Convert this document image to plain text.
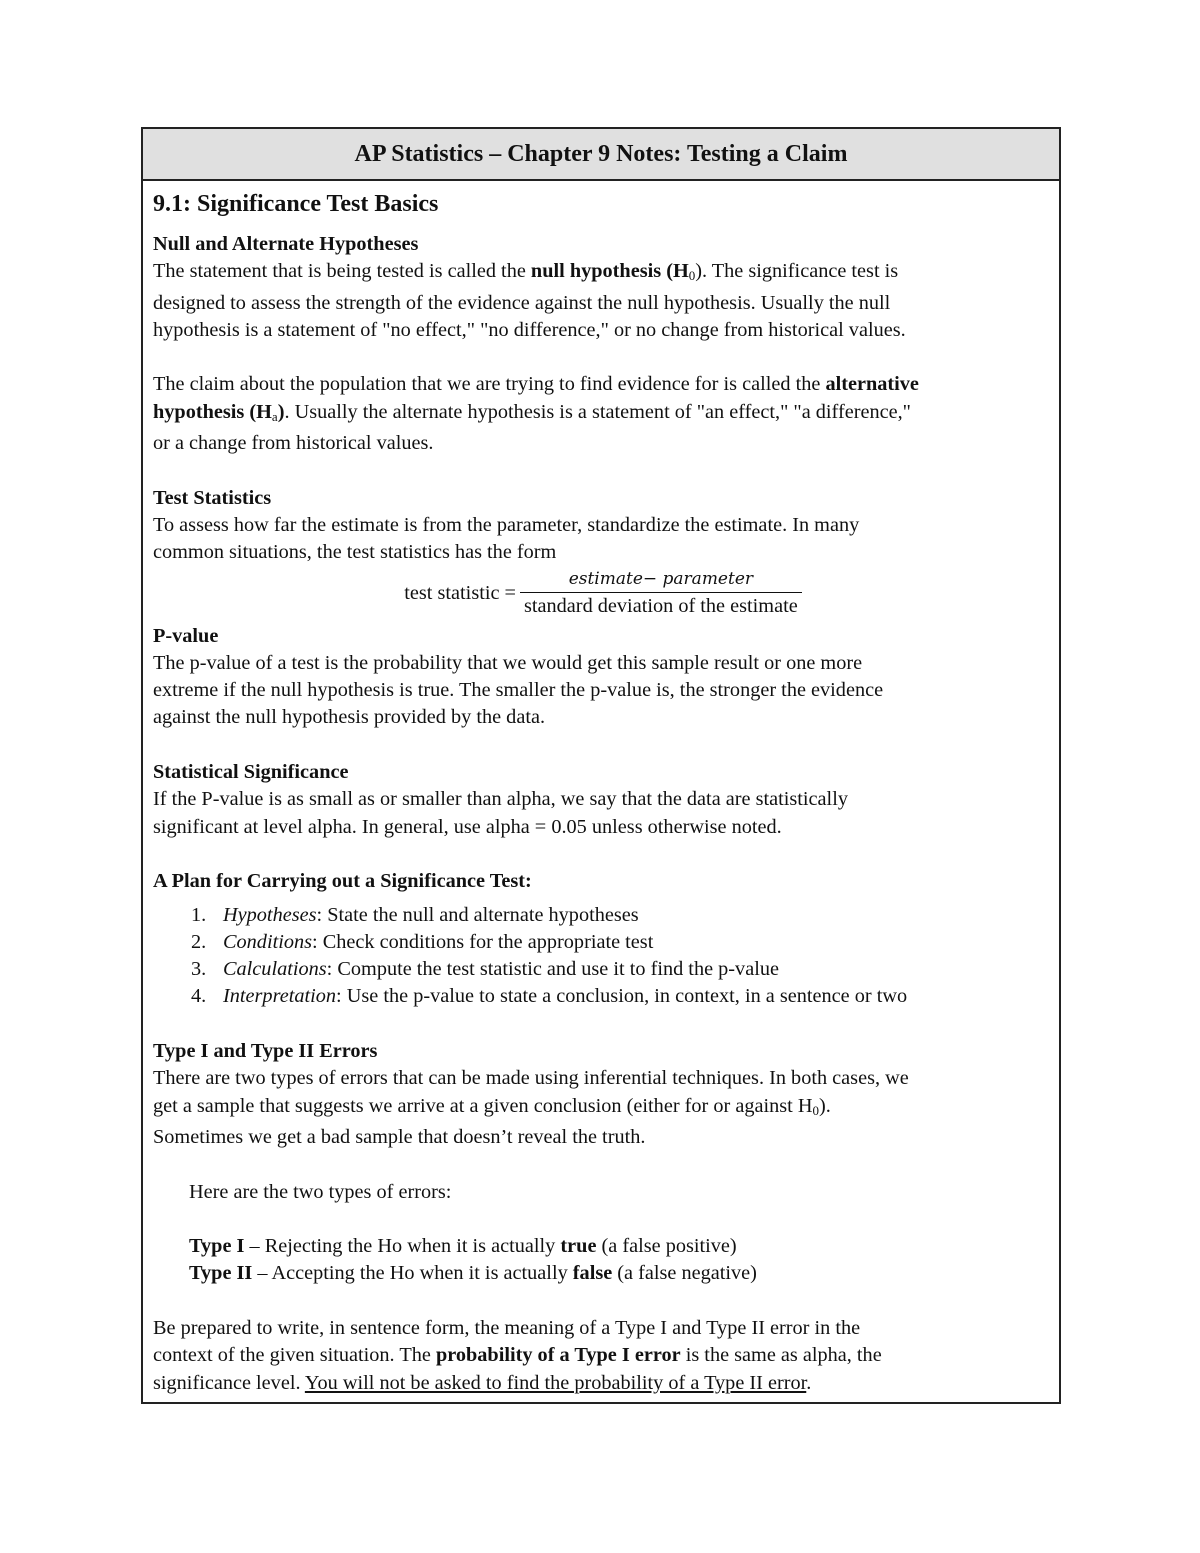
AP Statistics – Chapter 9 Notes: Testing a Claim
9.1: Significance Test Basics
Null and Alternate Hypotheses
The statement that is being tested is called the null hypothesis $(H_0)$. The significance test is
designed to assess the strength of the evidence against the null hypothesis. Usually the null
hypothesis is a statement of "no effect," "no difference," or no change from historical values.
The claim about the population that we are trying to find evidence for is called the alternative
hypothesis $(H_a)$. Usually the alternate hypothesis is a statement of "an effect," "a difference,"
or a change from historical values.
Test Statistics
To assess how far the estimate is from the parameter, standardize the estimate. In many
common situations, the test statistics has the form
test statistic = $\frac{\text{estimate− parameter}}{\text{standard deviation of the estimate}}$
P-value
The p-value of a test is the probability that we would get this sample result or one more
extreme if the null hypothesis is true. The smaller the p-value is, the stronger the evidence
against the null hypothesis provided by the data.
Statistical Significance
If the P-value is as small as or smaller than alpha, we say that the data are statistically
significant at level alpha. In general, use alpha = 0.05 unless otherwise noted.
A Plan for Carrying out a Significance Test:
1. Hypotheses: State the null and alternate hypotheses
2. Conditions: Check conditions for the appropriate test
3. Calculations: Compute the test statistic and use it to find the p-value
4. Interpretation: Use the p-value to state a conclusion, in context, in a sentence or two
Type I and Type II Errors
There are two types of errors that can be made using inferential techniques. In both cases, we
get a sample that suggests we arrive at a given conclusion (either for or against $H_0$).
Sometimes we get a bad sample that doesn’t reveal the truth.
Here are the two types of errors:
Type I – Rejecting the Ho when it is actually true (a false positive)
Type II – Accepting the Ho when it is actually false (a false negative)
Be prepared to write, in sentence form, the meaning of a Type I and Type II error in the
context of the given situation. The probability of a Type I error is the same as alpha, the
significance level. You will not be asked to find the probability of a Type II error.
